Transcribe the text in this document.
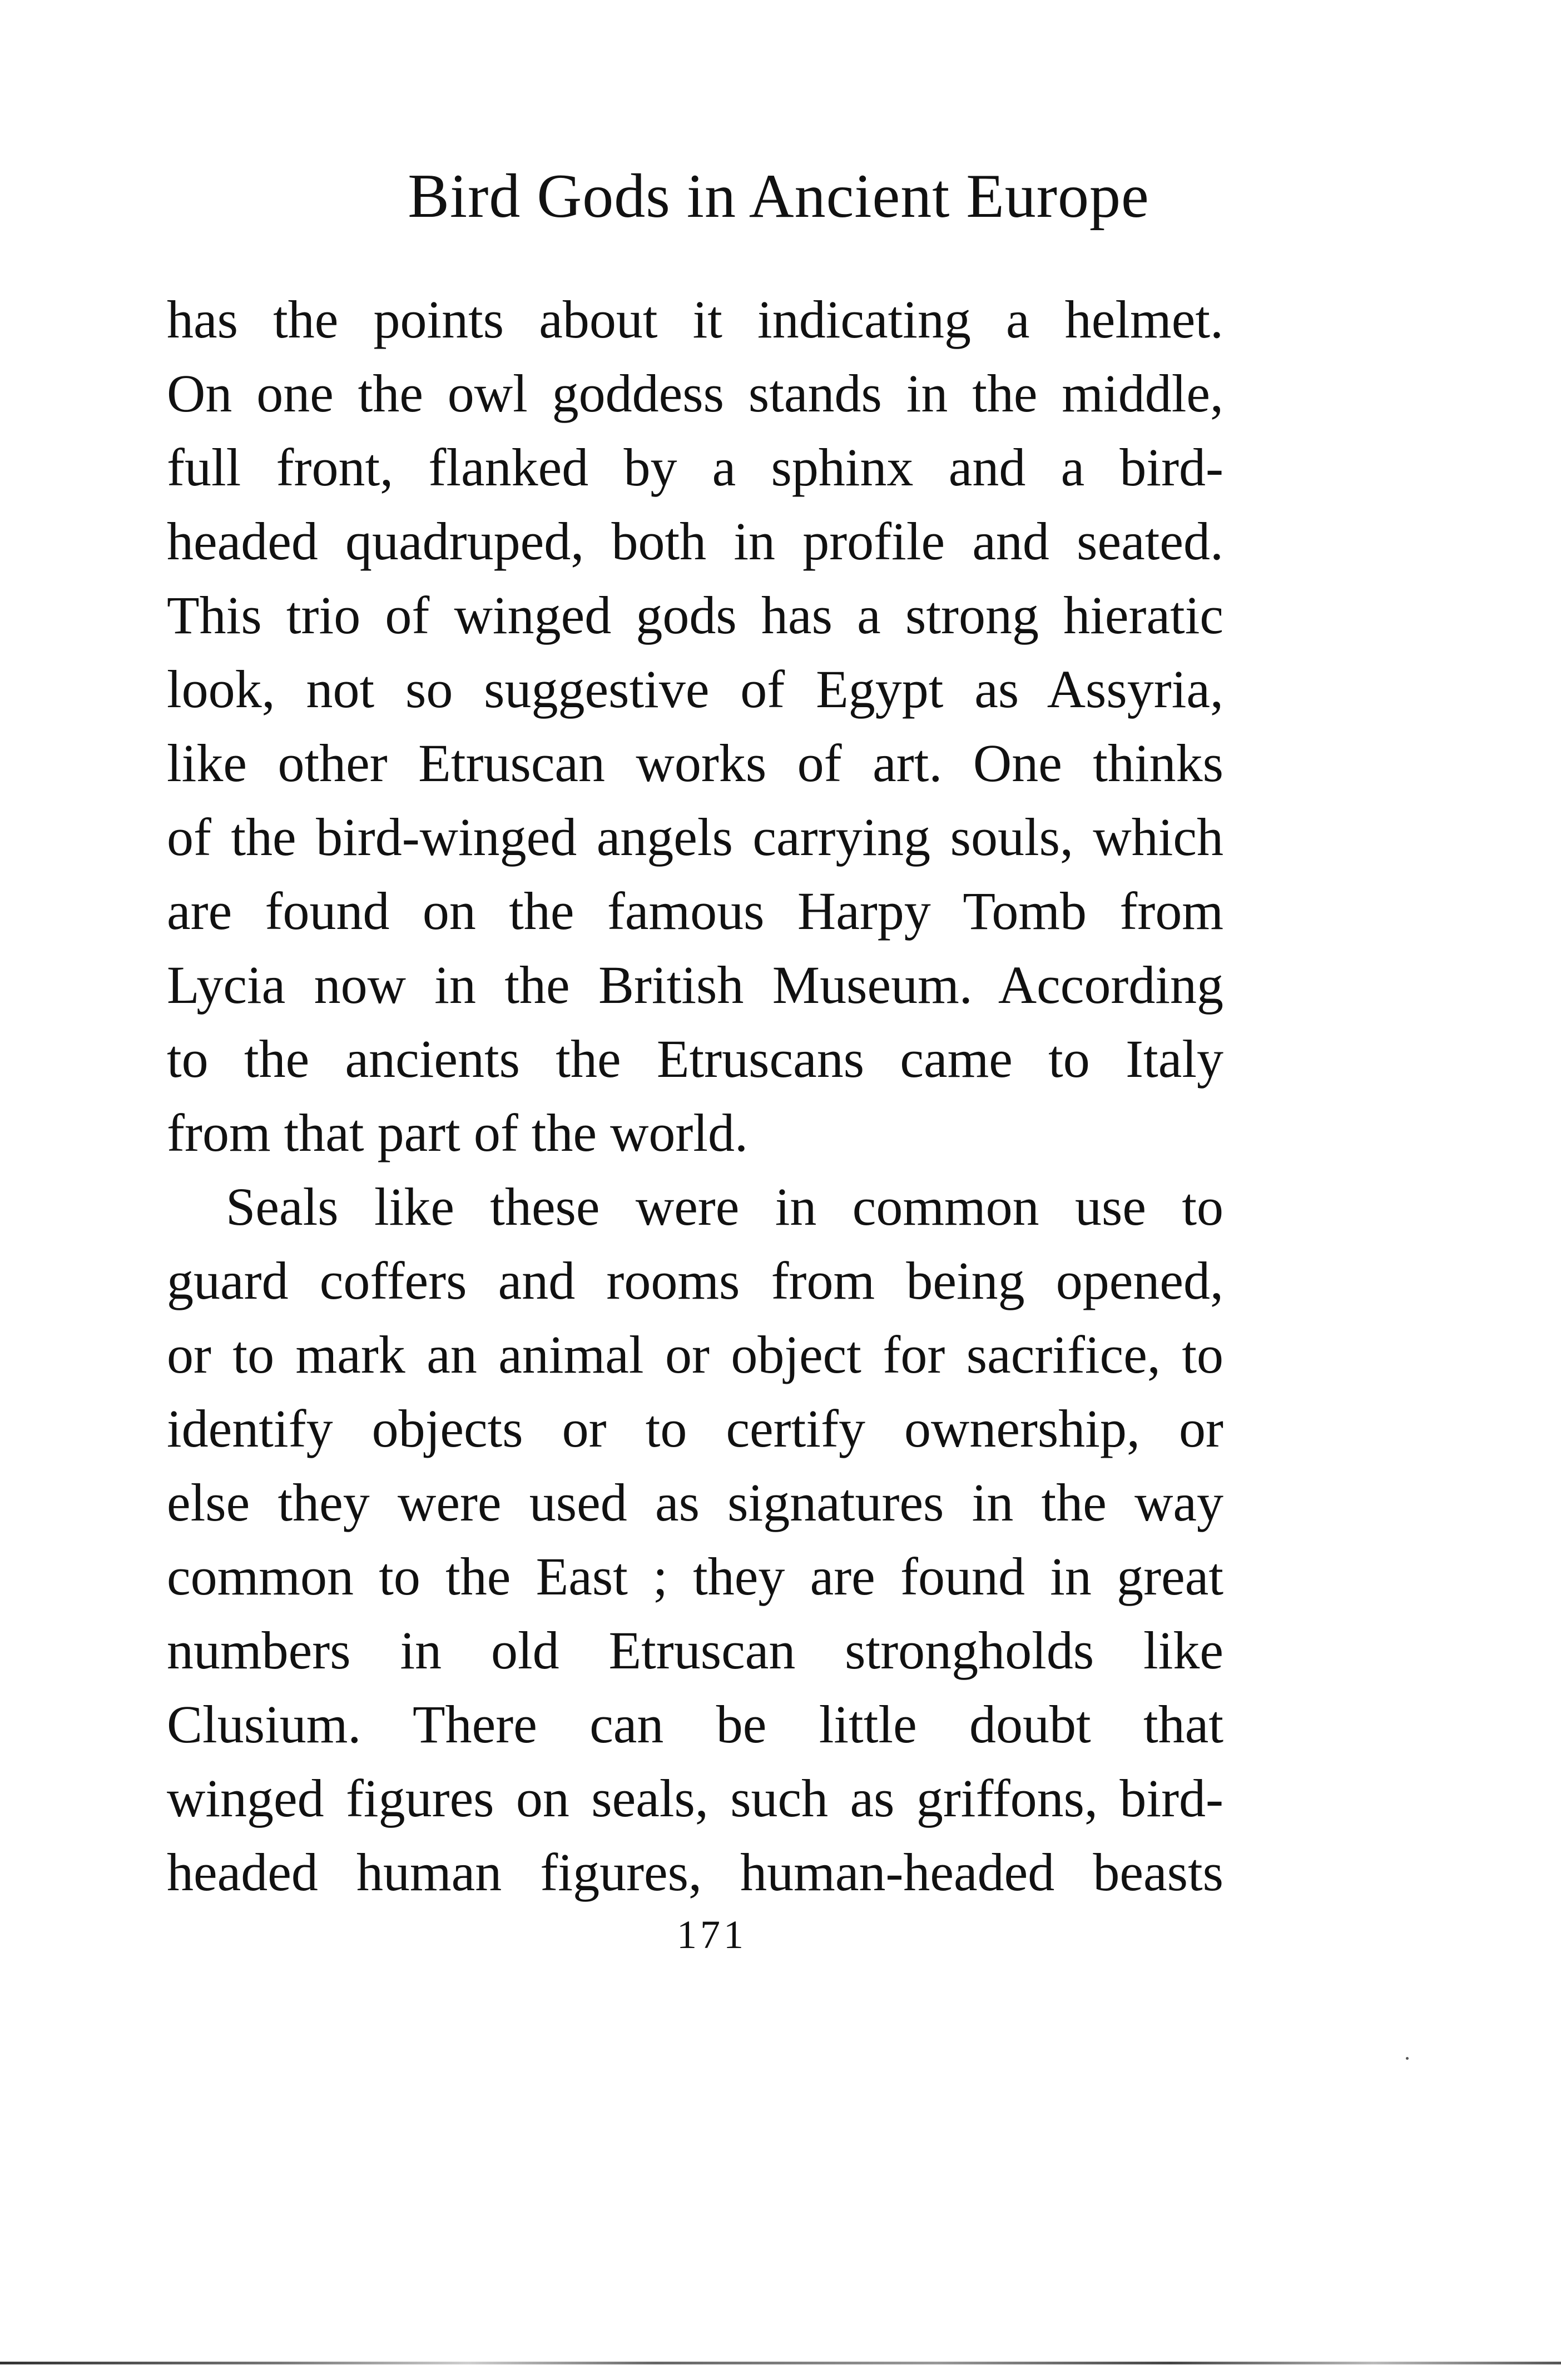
Bird Gods in Ancient Europe
has the points about it indicating a helmet.
On one the owl goddess stands in the middle,
full front, flanked by a sphinx and a bird-
headed quadruped, both in profile and seated.
This trio of winged gods has a strong hieratic
look, not so suggestive of Egypt as Assyria,
like other Etruscan works of art. One thinks
of the bird-winged angels carrying souls, which
are found on the famous Harpy Tomb from
Lycia now in the British Museum. According
to the ancients the Etruscans came to Italy
from that part of the world.
Seals like these were in common use to
guard coffers and rooms from being opened,
or to mark an animal or object for sacrifice, to
identify objects or to certify ownership, or
else they were used as signatures in the way
common to the East ; they are found in great
numbers in old Etruscan strongholds like
Clusium. There can be little doubt that
winged figures on seals, such as griffons, bird-
headed human figures, human-headed beasts
171
